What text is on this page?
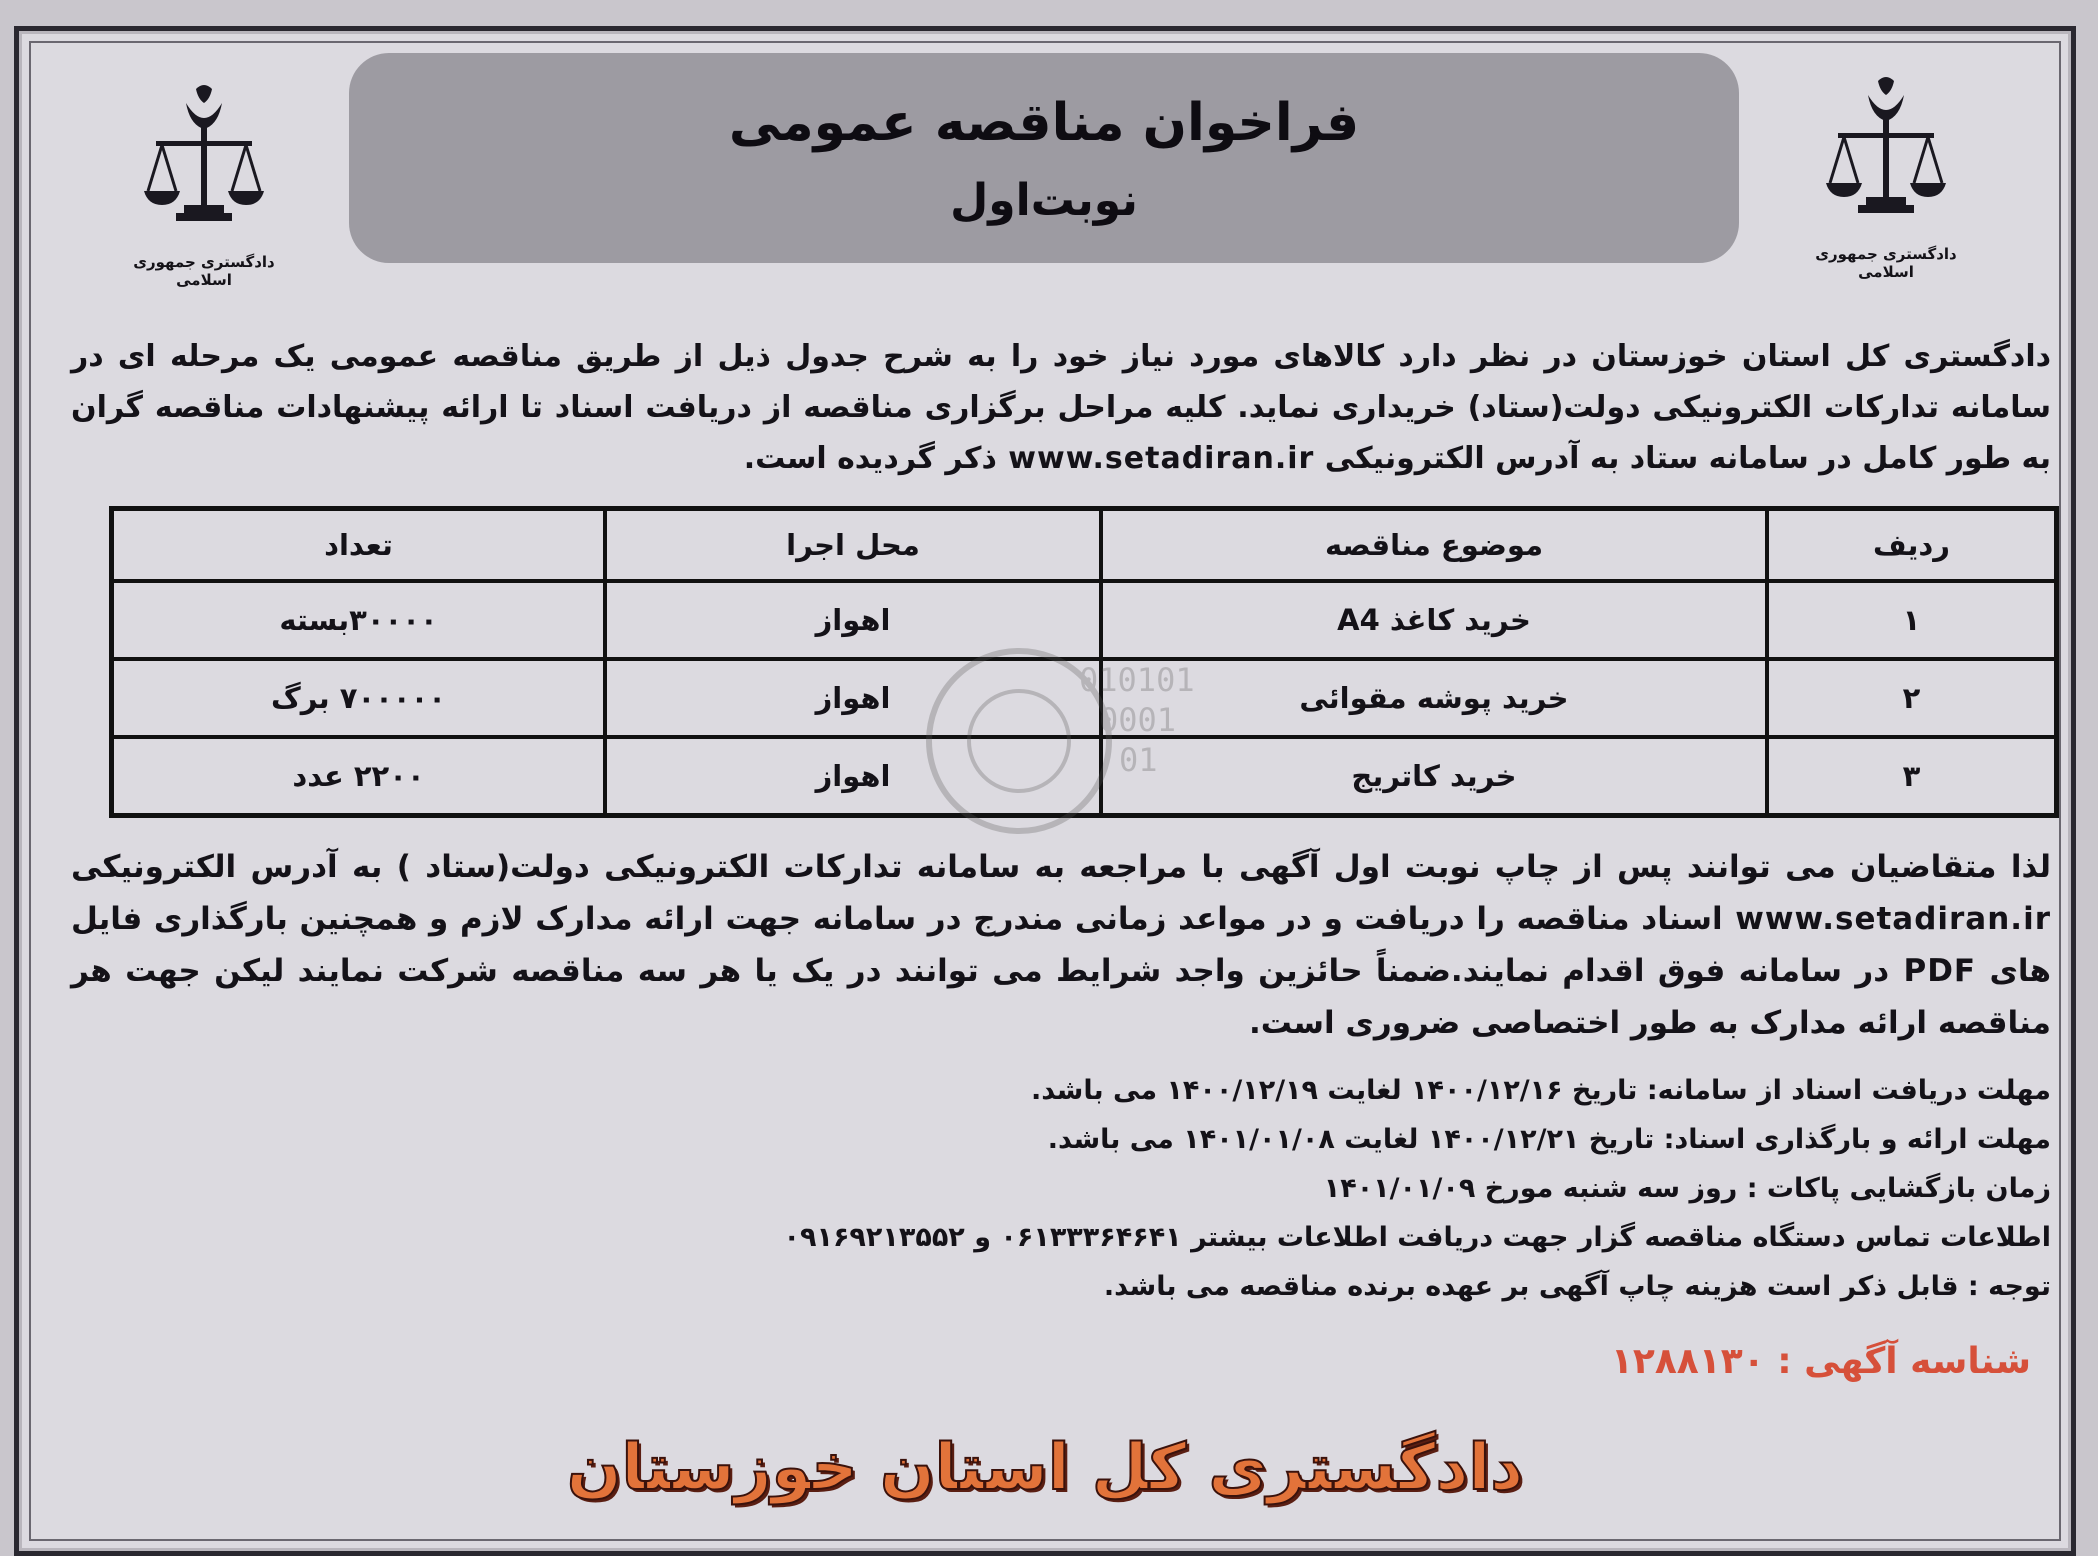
دادگستری جمهوری اسلامی
دادگستری جمهوری اسلامی
فراخوان مناقصه عمومی
نوبت‌اول
دادگستری کل استان خوزستان در نظر دارد کالاهای مورد نیاز خود را به شرح جدول ذیل از طریق مناقصه عمومی یک مرحله ای در سامانه تدارکات الکترونیکی دولت(ستاد) خریداری نماید. کلیه مراحل برگزاری مناقصه از دریافت اسناد تا ارائه پیشنهادات مناقصه گران به طور کامل در سامانه ستاد به آدرس الکترونیکی www.setadiran.ir ذکر گردیده است.
ردیف	موضوع مناقصه	محل اجرا	تعداد
۱	خرید کاغذ A4	اهواز	۳۰۰۰۰بسته
۲	خرید پوشه مقوائی	اهواز	۷۰۰۰۰۰ برگ
۳	خرید کاتریج	اهواز	۲۲۰۰ عدد
010101
0001
01
لذا متقاضیان می توانند پس از چاپ نوبت اول آگهی با مراجعه به سامانه تدارکات الکترونیکی دولت(ستاد ) به آدرس الکترونیکی www.setadiran.ir اسناد مناقصه را دریافت و در مواعد زمانی مندرج در سامانه جهت ارائه مدارک لازم و همچنین بارگذاری فایل های PDF در سامانه فوق اقدام نمایند.ضمناً حائزین واجد شرایط می توانند در یک یا هر سه مناقصه شرکت نمایند لیکن جهت هر مناقصه ارائه مدارک به طور اختصاصی ضروری است.
مهلت دریافت اسناد از سامانه: تاریخ ۱۴۰۰/۱۲/۱۶ لغایت ۱۴۰۰/۱۲/۱۹ می باشد.
مهلت ارائه و بارگذاری اسناد: تاریخ ۱۴۰۰/۱۲/۲۱ لغایت ۱۴۰۱/۰۱/۰۸ می باشد.
زمان بازگشایی پاکات : روز سه شنبه مورخ ۱۴۰۱/۰۱/۰۹
اطلاعات تماس دستگاه مناقصه گزار جهت دریافت اطلاعات بیشتر ۰۶۱۳۳۳۶۴۶۴۱ و ۰۹۱۶۹۲۱۳۵۵۲
توجه : قابل ذکر است هزینه چاپ آگهی بر عهده برنده مناقصه می باشد.
شناسه آگهی : ۱۲۸۸۱۳۰
دادگستری کل استان خوزستان
